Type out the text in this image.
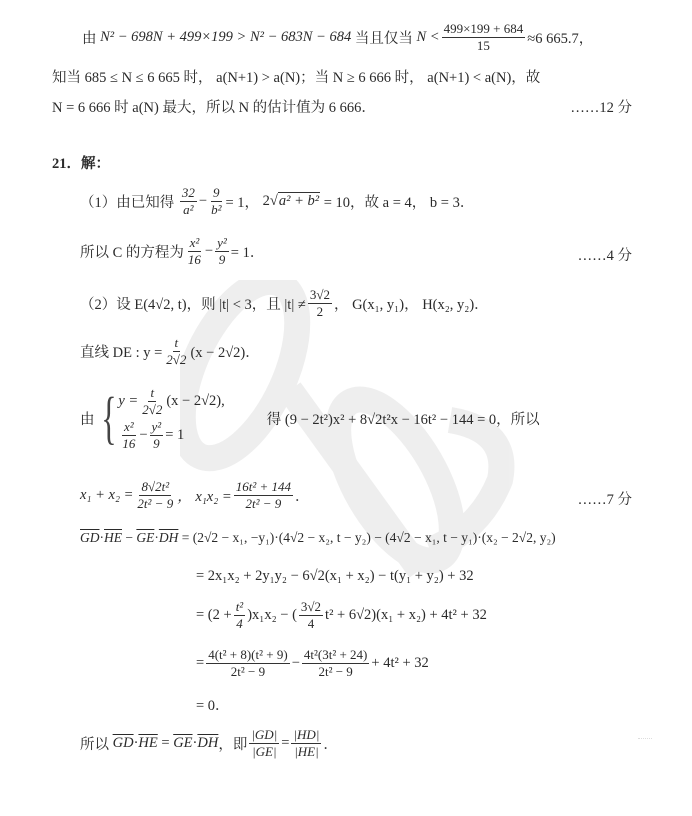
由
N² − 698N + 499×199 > N² − 683N − 684
当且仅当
$N < \frac{499\times 199 + 684}{15} \approx 6$ 665.7，
知当 685 ≤ N ≤ 6 665 时， a(N+1) > a(N)；当 N ≥ 6 666 时， a(N+1) < a(N)，故
N = 6 666 时 a(N) 最大，所以 N 的估计值为 6 666．	……12 分
21．解：
（1）由已知得
$\frac{32}{\text{a²}} - \frac{9}{\text{b²}} = 1$，
2 √a² + b²
= 10，故 a = 4， b = 3．
所以 C 的方程为 $\frac{\text{x²}}{16} - \frac{\text{y²}}{9} = 1$．	……4 分
（2）设 E(4√2, t)，则 |t| < 3，且 $|t| \ne \frac{3√2}{2}$ ， G(x₁, y₁)， H(x₂, y₂)．
直线 DE : $y = \frac{t}{2√2} (x - 2√2)$．
由 { $y = \frac{t}{2√2} (x - 2√2)$,
$\frac{\text{x²}}{16} - \frac{\text{y²}}{9} = 1$
得 (9 − 2t²)x² + 8√2t²x − 16t² − 144 = 0，所以
$x_1 + x_2 = \frac{\text{8√2t²}}{\text{2t² − 9}}$ ， $x_1x_2 = \frac{\text{16t² + 144}}{\text{2t² − 9}}$ ．	……7 分
$\overline{GD} \cdot \overline{HE} - \overline{GE} \cdot \overline{DH}$
= (2√2 − x₁, −y₁)·(4√2 − x₂, t − y₂) − (4√2 − x₁, t − y₁)·(x₂ − 2√2, y₂)
= 2x₁x₂ + 2y₁y₂ − 6√2(x₁ + x₂) − t(y₁ + y₂) + 32
= $(2 + \frac{\text{t²}}{4} )x_1x_2$ − ( $\frac{3√2}{4} t^2 + 6√2)(x_1 + x_2) + 4t^2 + 32$
= $\frac{\text{4(t² + 8)(t² + 9)}}{\text{2t² − 9}} - \frac{\text{4t²(3t² + 24)}}{\text{2t² − 9}} + 4t^2 + 32$
= 0．
所以
$\overline{GD} \cdot \overline{HE} = \overline{GE} \cdot \overline{DH}$ ，即 $\frac{|GD|}{|GE|} = \frac{|HD|}{|HE|}$ ．
